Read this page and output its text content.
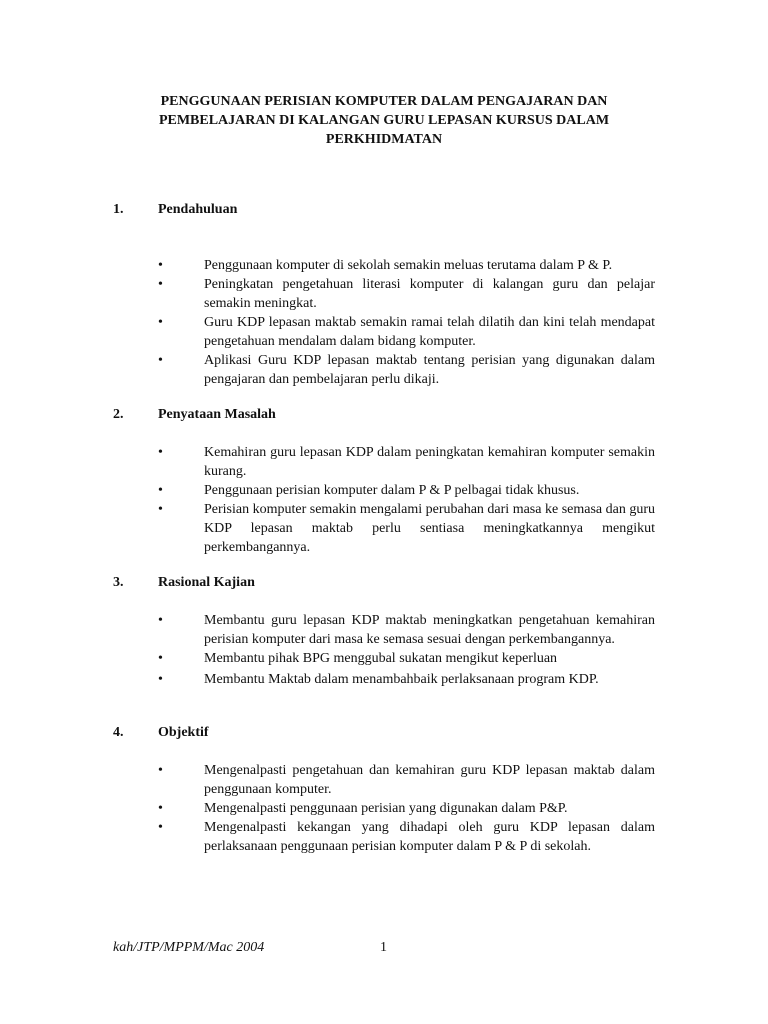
PENGGUNAAN PERISIAN KOMPUTER DALAM PENGAJARAN DAN
PEMBELAJARAN DI KALANGAN GURU LEPASAN KURSUS DALAM
PERKHIDMATAN
1. Pendahuluan
•	Penggunaan komputer di sekolah semakin meluas terutama dalam P & P.
•	Peningkatan pengetahuan literasi komputer di kalangan guru dan pelajar semakin meningkat.
•	Guru KDP lepasan maktab semakin ramai telah dilatih dan kini telah mendapat pengetahuan mendalam dalam bidang komputer.
•	Aplikasi Guru KDP lepasan maktab tentang perisian yang digunakan dalam pengajaran dan pembelajaran perlu dikaji.
2. Penyataan Masalah
•	Kemahiran guru lepasan KDP dalam peningkatan kemahiran komputer semakin kurang.
•	Penggunaan perisian komputer dalam P & P pelbagai tidak khusus.
•	Perisian komputer semakin mengalami perubahan dari masa ke semasa dan guru KDP lepasan maktab perlu sentiasa meningkatkannya mengikut perkembangannya.
3. Rasional Kajian
•	Membantu guru lepasan KDP maktab meningkatkan pengetahuan kemahiran perisian komputer dari masa ke semasa sesuai dengan perkembangannya.
•	Membantu pihak BPG menggubal sukatan mengikut keperluan
•	Membantu Maktab dalam menambahbaik perlaksanaan program KDP.
4. Objektif
•	Mengenalpasti pengetahuan dan kemahiran guru KDP lepasan maktab dalam penggunaan komputer.
•	Mengenalpasti penggunaan perisian yang digunakan dalam P&P.
•	Mengenalpasti kekangan yang dihadapi oleh guru KDP lepasan dalam perlaksanaan penggunaan perisian komputer dalam P & P di sekolah.
kah/JTP/MPPM/Mac 2004	1
